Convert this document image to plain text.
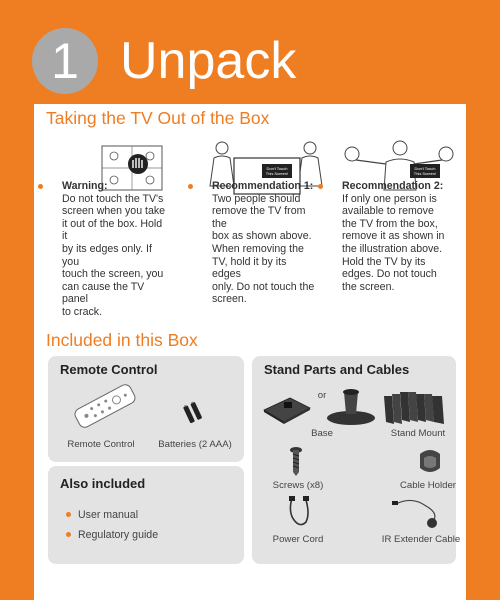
1 Unpack
Taking the TV Out of the Box
Don't Touch
This Screen!
Don't Touch
This Screen!
Warning:
Do not touch the TV's
screen when you take
it out of the box. Hold it
by its edges only. If you
touch the screen, you
can cause the TV panel
to crack.
Recommendation 1:
Two people should
remove the TV from the
box as shown above.
When removing the
TV, hold it by its edges
only. Do not touch the
screen.
Recommendation 2:
If only one person is
available to remove
the TV from the box,
remove it as shown in
the illustration above.
Hold the TV by its
edges. Do not touch
the screen.
Included in this Box
Remote Control
Remote Control	Batteries (2 AAA)
Also included
User manual
Regulatory guide
Stand Parts and Cables
or
Base	Stand Mount
Screws (x8)	Cable Holder
Power Cord	IR Extender Cable
